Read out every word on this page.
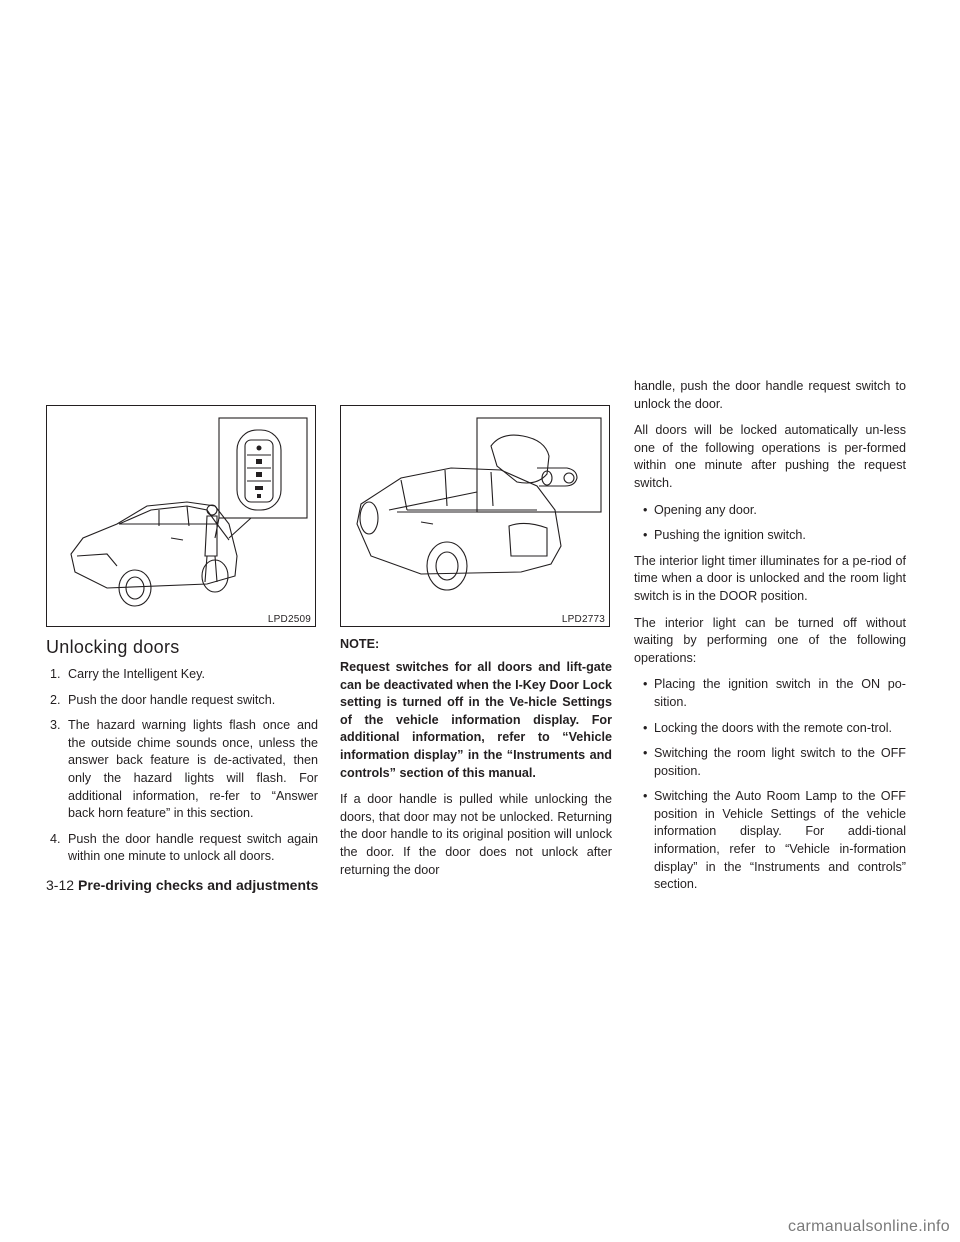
LPD2509
Unlocking doors
1. Carry the Intelligent Key.
2. Push the door handle request switch.
3. The hazard warning lights flash once and the outside chime sounds once, unless the answer back feature is de-activated, then only the hazard lights will flash. For additional information, re-fer to “Answer back horn feature” in this section.
4. Push the door handle request switch again within one minute to unlock all doors.
LPD2773
NOTE:

Request switches for all doors and lift-gate can be deactivated when the I-Key Door Lock setting is turned off in the Ve-hicle Settings of the vehicle information display. For additional information, refer to “Vehicle information display” in the “Instruments and controls” section of this manual.

If a door handle is pulled while unlocking the doors, that door may not be unlocked. Returning the door handle to its original position will unlock the door. If the door does not unlock after returning the door

handle, push the door handle request switch to unlock the door.

All doors will be locked automatically un-less one of the following operations is per-formed within one minute after pushing the request switch.

• Opening any door.
• Pushing the ignition switch.

The interior light timer illuminates for a pe-riod of time when a door is unlocked and the room light switch is in the DOOR position.

The interior light can be turned off without waiting by performing one of the following operations:

• Placing the ignition switch in the ON po-sition.
• Locking the doors with the remote con-trol.
• Switching the room light switch to the OFF position.
• Switching the Auto Room Lamp to the OFF position in Vehicle Settings of the vehicle information display. For addi-tional information, refer to “Vehicle in-formation display” in the “Instruments and controls” section.
3-12 Pre-driving checks and adjustments
carmanualsonline.info
